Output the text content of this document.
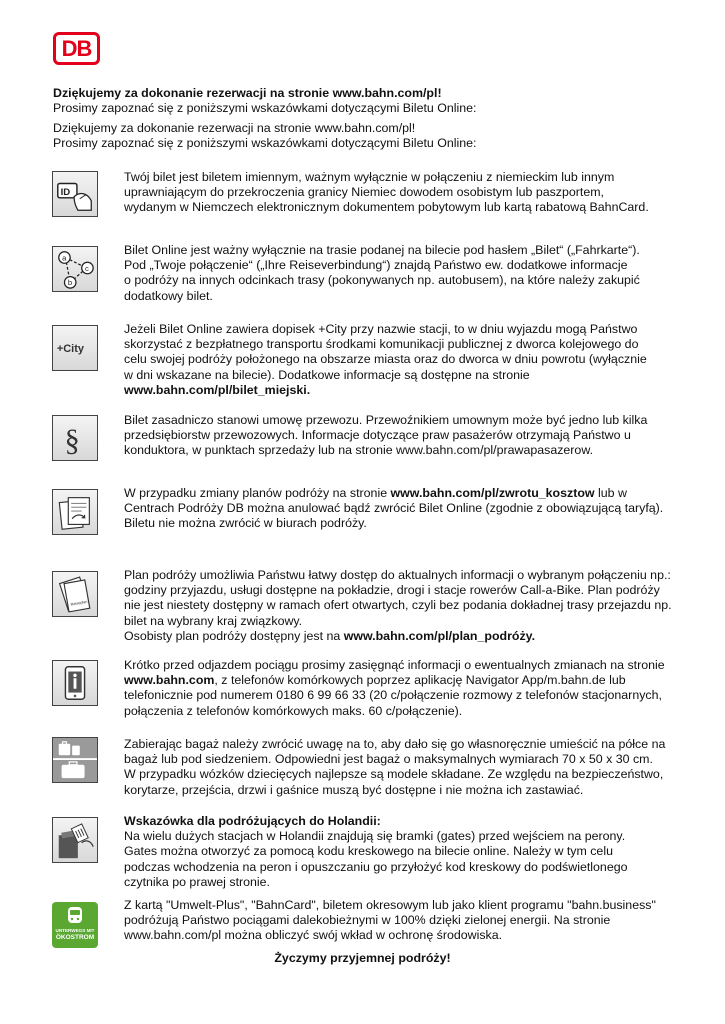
DB
Dziękujemy za dokonanie rezerwacji na stronie www.bahn.com/pl!
Prosimy zapoznać się z poniższymi wskazówkami dotyczącymi Biletu Online:
Dziękujemy za dokonanie rezerwacji na stronie www.bahn.com/pl!
Prosimy zapoznać się z poniższymi wskazówkami dotyczącymi Biletu Online:
ID

Twój bilet jest biletem imiennym, ważnym wyłącznie w połączeniu z niemieckim lub innym

uprawniającym do przekroczenia granicy Niemiec dowodem osobistym lub paszportem,

wydanym w Niemczech elektronicznym dokumentem pobytowym lub kartą rabatową BahnCard.

a
c
b

Bilet Online jest ważny wyłącznie na trasie podanej na bilecie pod hasłem „Bilet“ („Fahrkarte“).

Pod „Twoje połączenie“ („Ihre Reiseverbindung“) znajdą Państwo ew. dodatkowe informacje

o podróży na innych odcinkach trasy (pokonywanych np. autobusem), na które należy zakupić

dodatkowy bilet.

+City

Jeżeli Bilet Online zawiera dopisek +City przy nazwie stacji, to w dniu wyjazdu mogą Państwo

skorzystać z bezpłatnego transportu środkami komunikacji publicznej z dworca kolejowego do

celu swojej podróży położonego na obszarze miasta oraz do dworca w dniu powrotu (wyłącznie

w dni wskazane na bilecie). Dodatkowe informacje są dostępne na stronie

www.bahn.com/pl/bilet_miejski.

§

Bilet zasadniczo stanowi umowę przewozu. Przewoźnikiem umownym może być jedno lub kilka

przedsiębiorstw przewozowych. Informacje dotyczące praw pasażerów otrzymają Państwo u

konduktora, w punktach sprzedaży lub na stronie www.bahn.com/pl/prawapasazerow.

W przypadku zmiany planów podróży na stronie www.bahn.com/pl/zwrotu_kosztow lub w

Centrach Podróży DB można anulować bądź zwrócić Bilet Online (zgodnie z obowiązującą taryfą).

Biletu nie można zwrócić w biurach podróży.

Reiseplan

Plan podróży umożliwia Państwu łatwy dostęp do aktualnych informacji o wybranym połączeniu np.:

godziny przyjazdu, usługi dostępne na pokładzie, drogi i stacje rowerów Call-a-Bike. Plan podróży

nie jest niestety dostępny w ramach ofert otwartych, czyli bez podania dokładnej trasy przejazdu np.

bilet na wybrany kraj związkowy.

Osobisty plan podróży dostępny jest na www.bahn.com/pl/plan_podróży.

Krótko przed odjazdem pociągu prosimy zasięgnąć informacji o ewentualnych zmianach na stronie

www.bahn.com, z telefonów komórkowych poprzez aplikację Navigator App/m.bahn.de lub

telefonicznie pod numerem 0180 6 99 66 33 (20 c/połączenie rozmowy z telefonów stacjonarnych,

połączenia z telefonów komórkowych maks. 60 c/połączenie).

Zabierając bagaż należy zwrócić uwagę na to, aby dało się go własnoręcznie umieścić na półce na

bagaż lub pod siedzeniem. Odpowiedni jest bagaż o maksymalnych wymiarach 70 x 50 x 30 cm.

W przypadku wózków dziecięcych najlepsze są modele składane. Ze względu na bezpieczeństwo,

korytarze, przejścia, drzwi i gaśnice muszą być dostępne i nie można ich zastawiać.

Wskazówka dla podróżujących do Holandii:

Na wielu dużych stacjach w Holandii znajdują się bramki (gates) przed wejściem na perony.

Gates można otworzyć za pomocą kodu kreskowego na bilecie online. Należy w tym celu

podczas wchodzenia na peron i opuszczaniu go przyłożyć kod kreskowy do podświetlonego

czytnika po prawej stronie.

UNTERWEGS MIT
ÖKOSTROM

Z kartą "Umwelt-Plus", "BahnCard", biletem okresowym lub jako klient programu "bahn.business"

podróżują Państwo pociągami dalekobieżnymi w 100% dzięki zielonej energii. Na stronie

www.bahn.com/pl można obliczyć swój wkład w ochronę środowiska.

Życzymy przyjemnej podróży!
